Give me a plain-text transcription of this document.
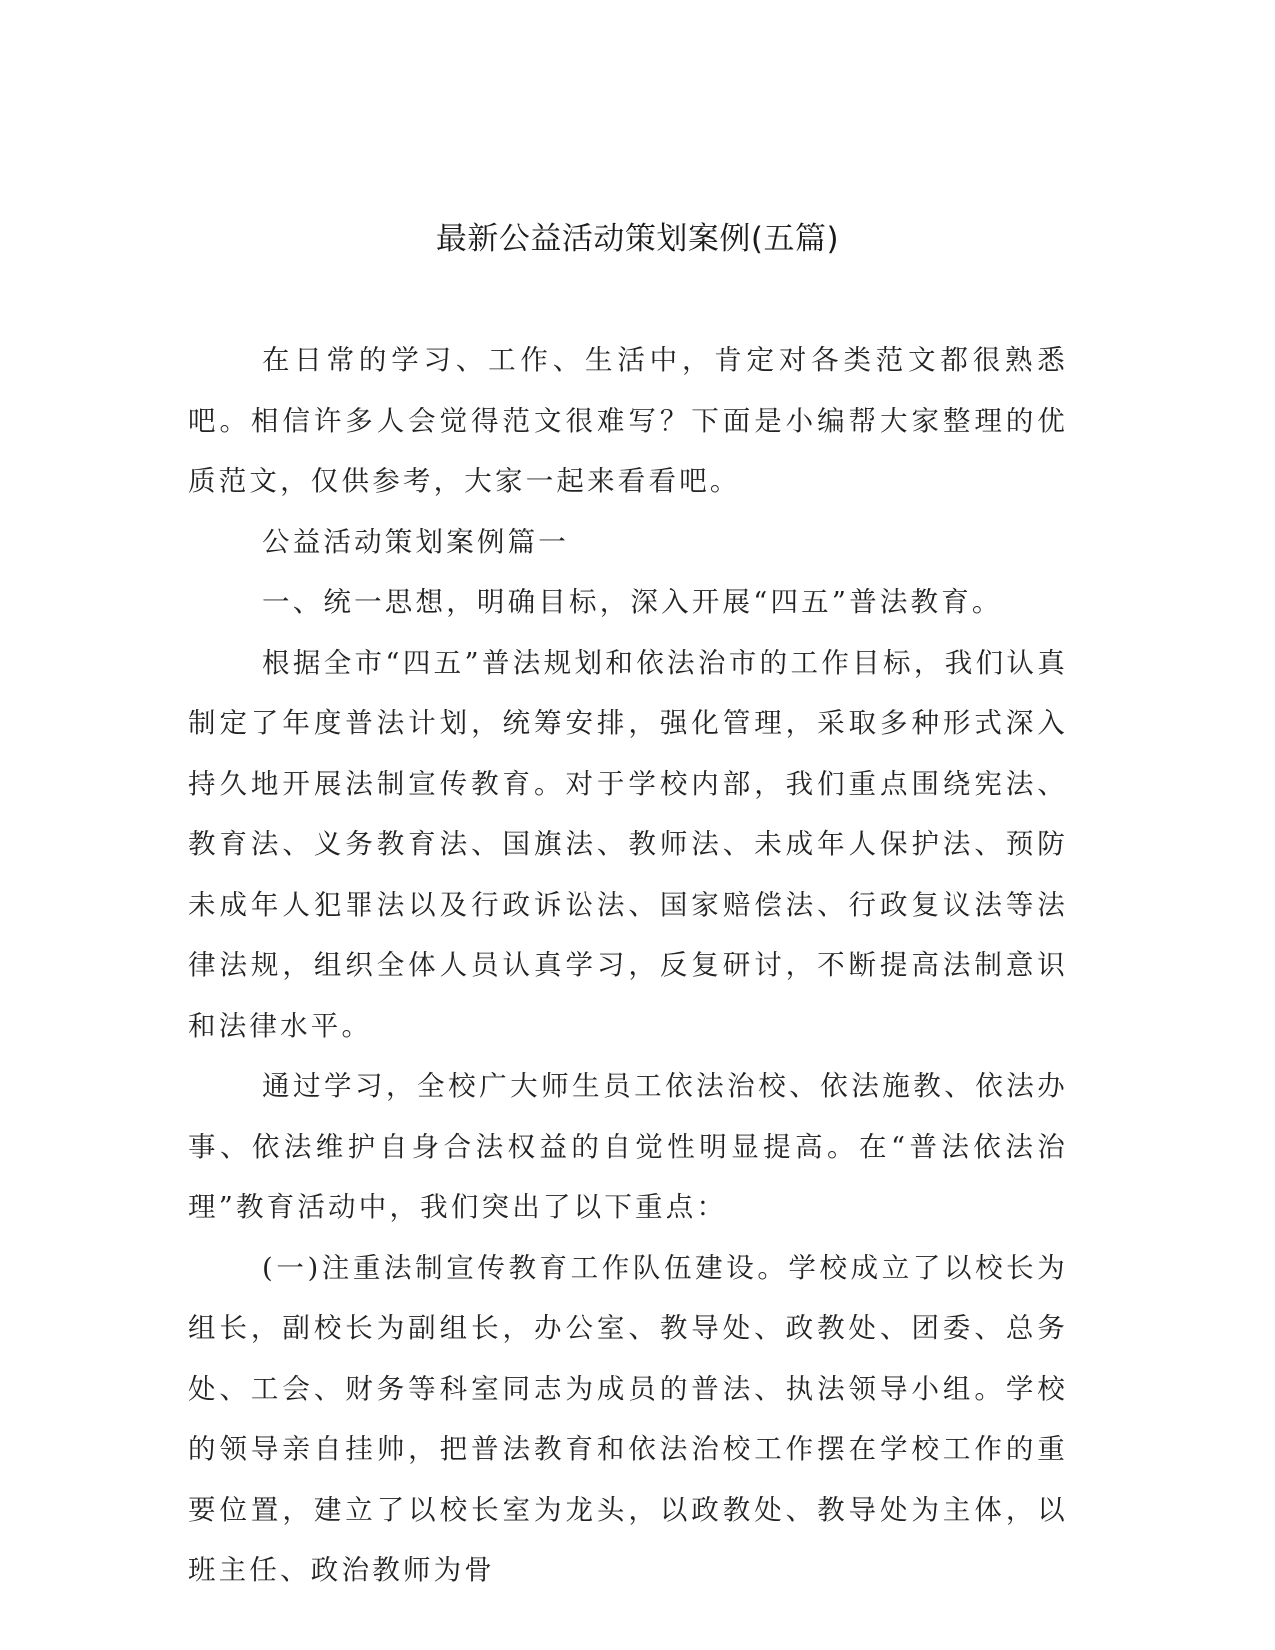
最新公益活动策划案例(五篇)

在日常的学习、工作、生活中，肯定对各类范文都很熟悉吧。相信许多人会觉得范文很难写？下面是小编帮大家整理的优质范文，仅供参考，大家一起来看看吧。

公益活动策划案例篇一

一、统一思想，明确目标，深入开展“四五”普法教育。

根据全市“四五”普法规划和依法治市的工作目标，我们认真制定了年度普法计划，统筹安排，强化管理，采取多种形式深入持久地开展法制宣传教育。对于学校内部，我们重点围绕宪法、教育法、义务教育法、国旗法、教师法、未成年人保护法、预防未成年人犯罪法以及行政诉讼法、国家赔偿法、行政复议法等法律法规，组织全体人员认真学习，反复研讨，不断提高法制意识和法律水平。

通过学习，全校广大师生员工依法治校、依法施教、依法办事、依法维护自身合法权益的自觉性明显提高。在“普法依法治理”教育活动中，我们突出了以下重点：

(一)注重法制宣传教育工作队伍建设。学校成立了以校长为组长，副校长为副组长，办公室、教导处、政教处、团委、总务处、工会、财务等科室同志为成员的普法、执法领导小组。学校的领导亲自挂帅，把普法教育和依法治校工作摆在学校工作的重要位置，建立了以校长室为龙头，以政教处、教导处为主体，以班主任、政治教师为骨
